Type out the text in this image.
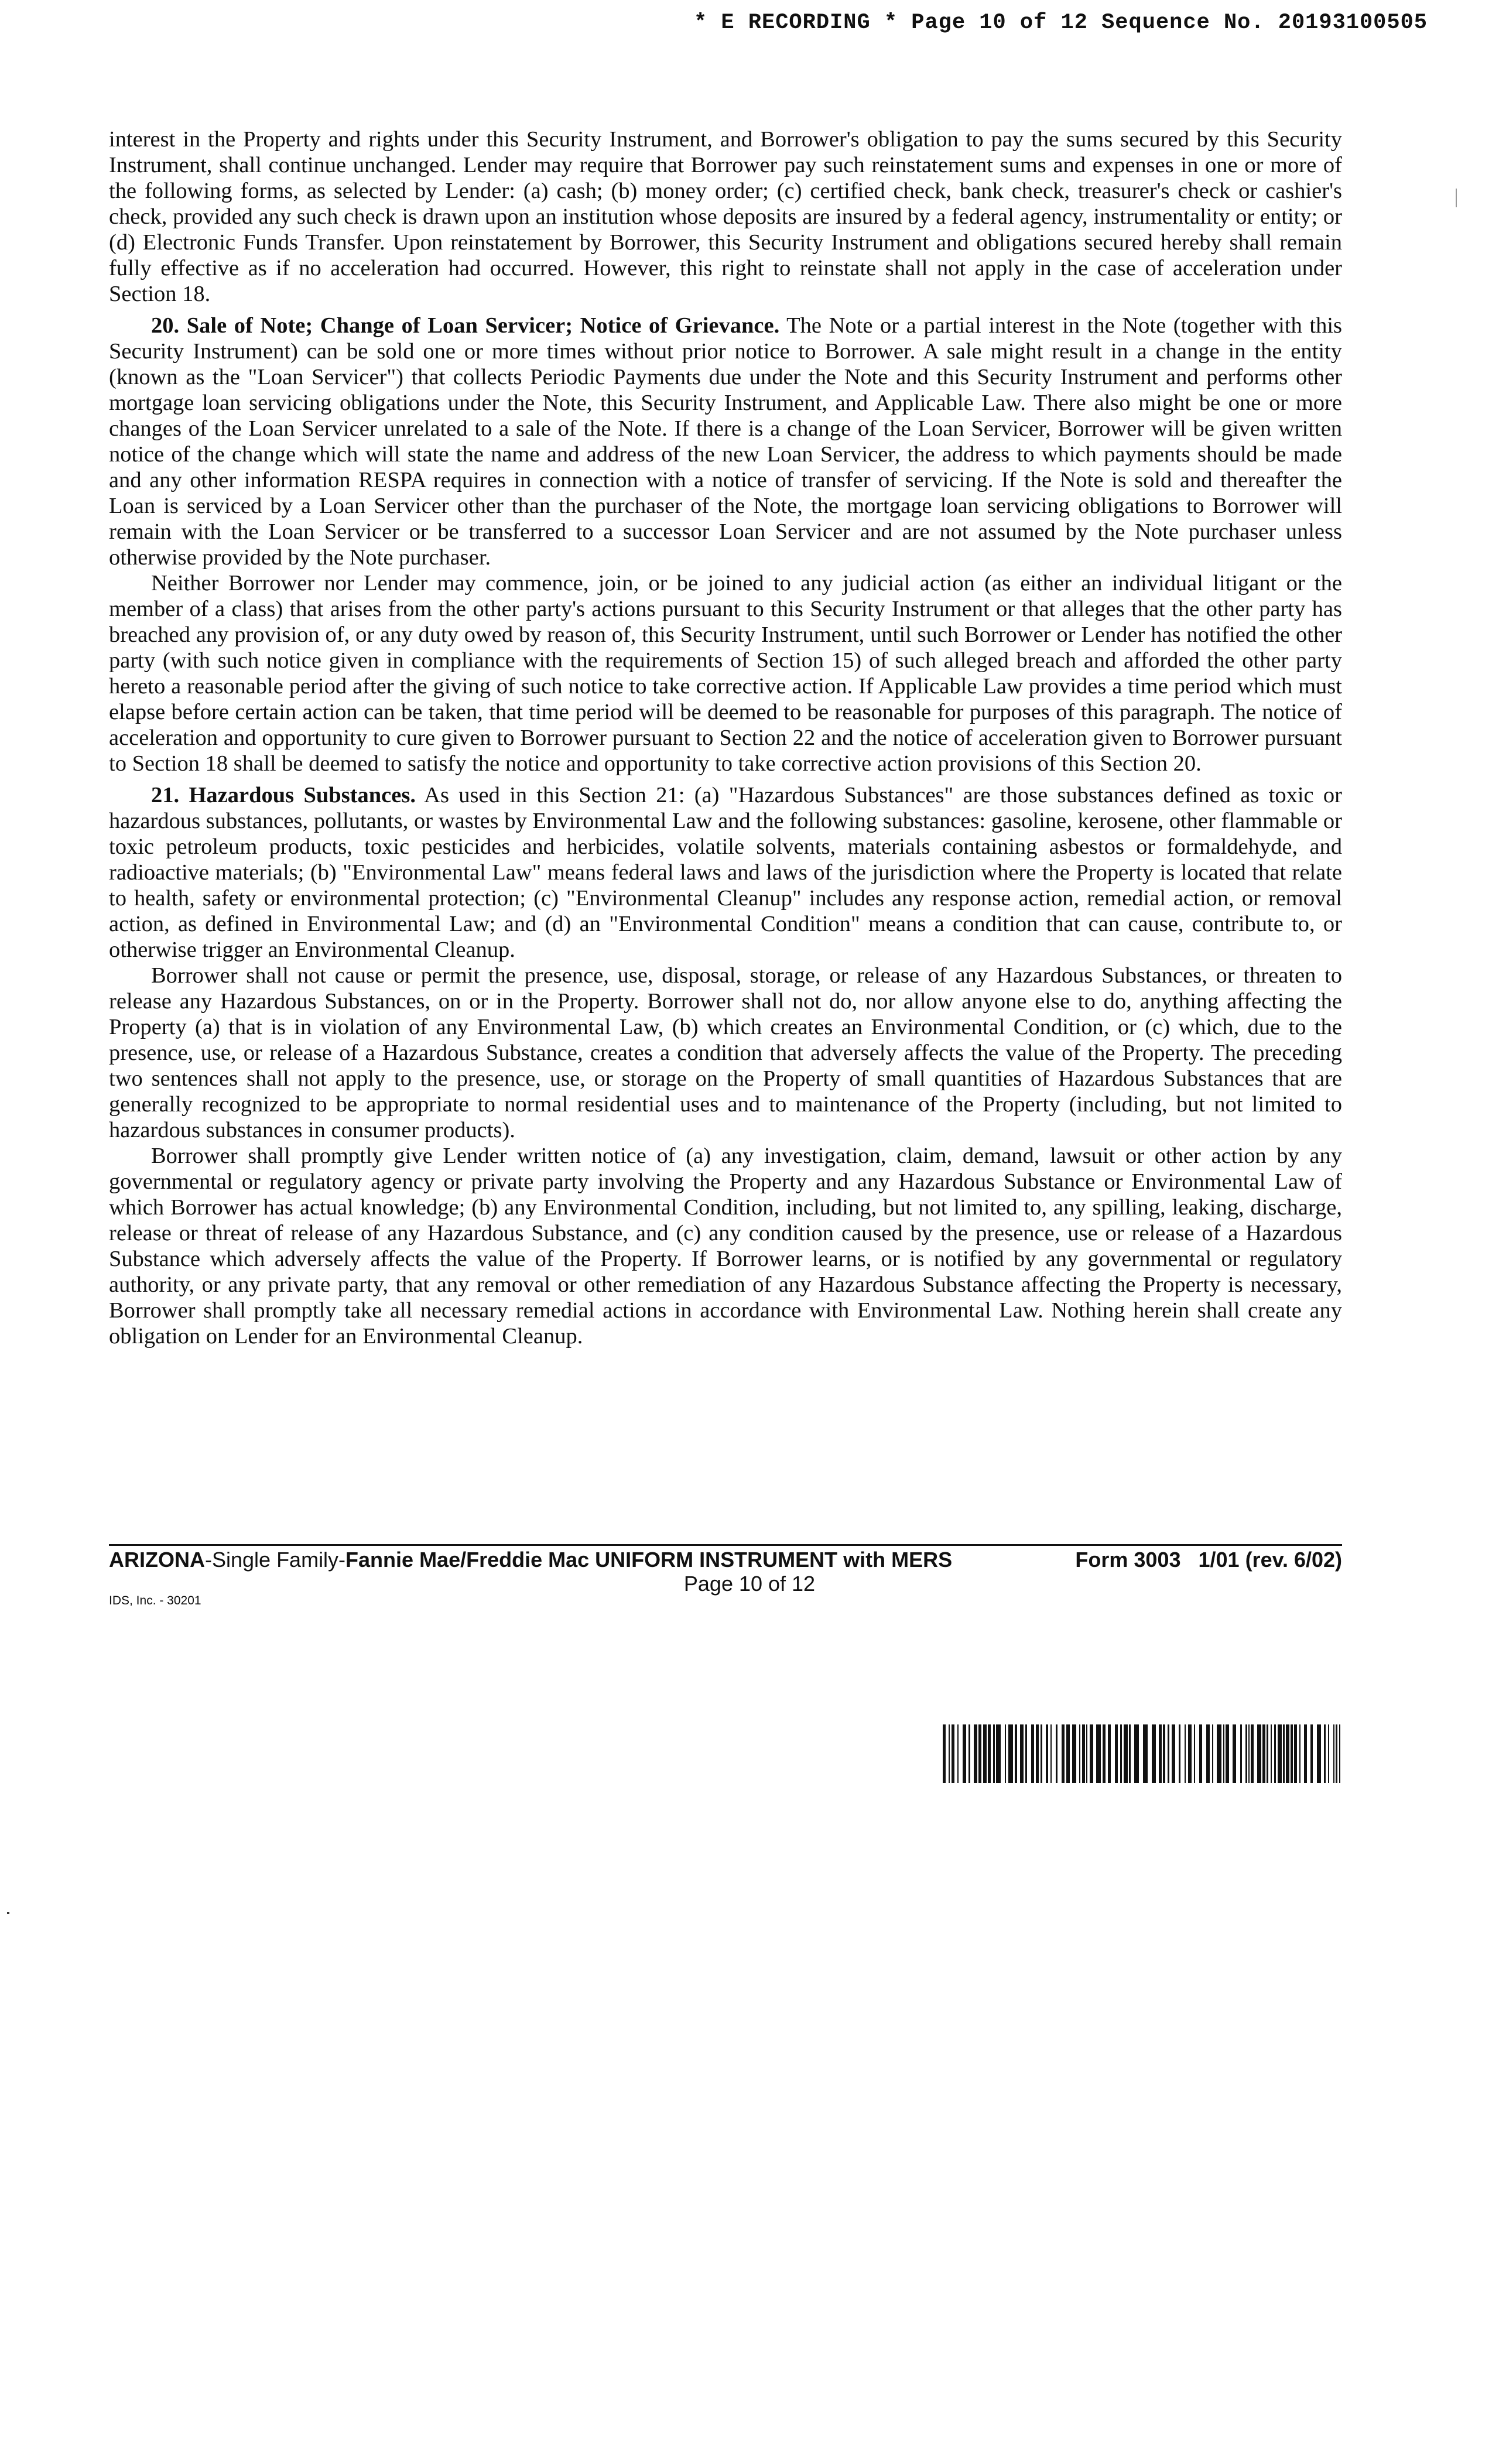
* E RECORDING * Page 10 of 12 Sequence No. 20193100505

interest in the Property and rights under this Security Instrument, and Borrower's obligation to pay the sums secured by this Security Instrument, shall continue unchanged. Lender may require that Borrower pay such reinstatement sums and expenses in one or more of the following forms, as selected by Lender: (a) cash; (b) money order; (c) certified check, bank check, treasurer's check or cashier's check, provided any such check is drawn upon an institution whose deposits are insured by a federal agency, instrumentality or entity; or (d) Electronic Funds Transfer. Upon reinstatement by Borrower, this Security Instrument and obligations secured hereby shall remain fully effective as if no acceleration had occurred. However, this right to reinstate shall not apply in the case of acceleration under Section 18.

20. Sale of Note; Change of Loan Servicer; Notice of Grievance. The Note or a partial interest in the Note (together with this Security Instrument) can be sold one or more times without prior notice to Borrower. A sale might result in a change in the entity (known as the "Loan Servicer") that collects Periodic Payments due under the Note and this Security Instrument and performs other mortgage loan servicing obligations under the Note, this Security Instrument, and Applicable Law. There also might be one or more changes of the Loan Servicer unrelated to a sale of the Note. If there is a change of the Loan Servicer, Borrower will be given written notice of the change which will state the name and address of the new Loan Servicer, the address to which payments should be made and any other information RESPA requires in connection with a notice of transfer of servicing. If the Note is sold and thereafter the Loan is serviced by a Loan Servicer other than the purchaser of the Note, the mortgage loan servicing obligations to Borrower will remain with the Loan Servicer or be transferred to a successor Loan Servicer and are not assumed by the Note purchaser unless otherwise provided by the Note purchaser.

Neither Borrower nor Lender may commence, join, or be joined to any judicial action (as either an individual litigant or the member of a class) that arises from the other party's actions pursuant to this Security Instrument or that alleges that the other party has breached any provision of, or any duty owed by reason of, this Security Instrument, until such Borrower or Lender has notified the other party (with such notice given in compliance with the requirements of Section 15) of such alleged breach and afforded the other party hereto a reasonable period after the giving of such notice to take corrective action. If Applicable Law provides a time period which must elapse before certain action can be taken, that time period will be deemed to be reasonable for purposes of this paragraph. The notice of acceleration and opportunity to cure given to Borrower pursuant to Section 22 and the notice of acceleration given to Borrower pursuant to Section 18 shall be deemed to satisfy the notice and opportunity to take corrective action provisions of this Section 20.

21. Hazardous Substances. As used in this Section 21: (a) "Hazardous Substances" are those substances defined as toxic or hazardous substances, pollutants, or wastes by Environmental Law and the following substances: gasoline, kerosene, other flammable or toxic petroleum products, toxic pesticides and herbicides, volatile solvents, materials containing asbestos or formaldehyde, and radioactive materials; (b) "Environmental Law" means federal laws and laws of the jurisdiction where the Property is located that relate to health, safety or environmental protection; (c) "Environmental Cleanup" includes any response action, remedial action, or removal action, as defined in Environmental Law; and (d) an "Environmental Condition" means a condition that can cause, contribute to, or otherwise trigger an Environmental Cleanup.

Borrower shall not cause or permit the presence, use, disposal, storage, or release of any Hazardous Substances, or threaten to release any Hazardous Substances, on or in the Property. Borrower shall not do, nor allow anyone else to do, anything affecting the Property (a) that is in violation of any Environmental Law, (b) which creates an Environmental Condition, or (c) which, due to the presence, use, or release of a Hazardous Substance, creates a condition that adversely affects the value of the Property. The preceding two sentences shall not apply to the presence, use, or storage on the Property of small quantities of Hazardous Substances that are generally recognized to be appropriate to normal residential uses and to maintenance of the Property (including, but not limited to hazardous substances in consumer products).

Borrower shall promptly give Lender written notice of (a) any investigation, claim, demand, lawsuit or other action by any governmental or regulatory agency or private party involving the Property and any Hazardous Substance or Environmental Law of which Borrower has actual knowledge; (b) any Environmental Condition, including, but not limited to, any spilling, leaking, discharge, release or threat of release of any Hazardous Substance, and (c) any condition caused by the presence, use or release of a Hazardous Substance which adversely affects the value of the Property. If Borrower learns, or is notified by any governmental or regulatory authority, or any private party, that any removal or other remediation of any Hazardous Substance affecting the Property is necessary, Borrower shall promptly take all necessary remedial actions in accordance with Environmental Law. Nothing herein shall create any obligation on Lender for an Environmental Cleanup.

ARIZONA-Single Family-Fannie Mae/Freddie Mac UNIFORM INSTRUMENT with MERS	Form 3003   1/01 (rev. 6/02)
Page 10 of 12
IDS, Inc. - 30201
